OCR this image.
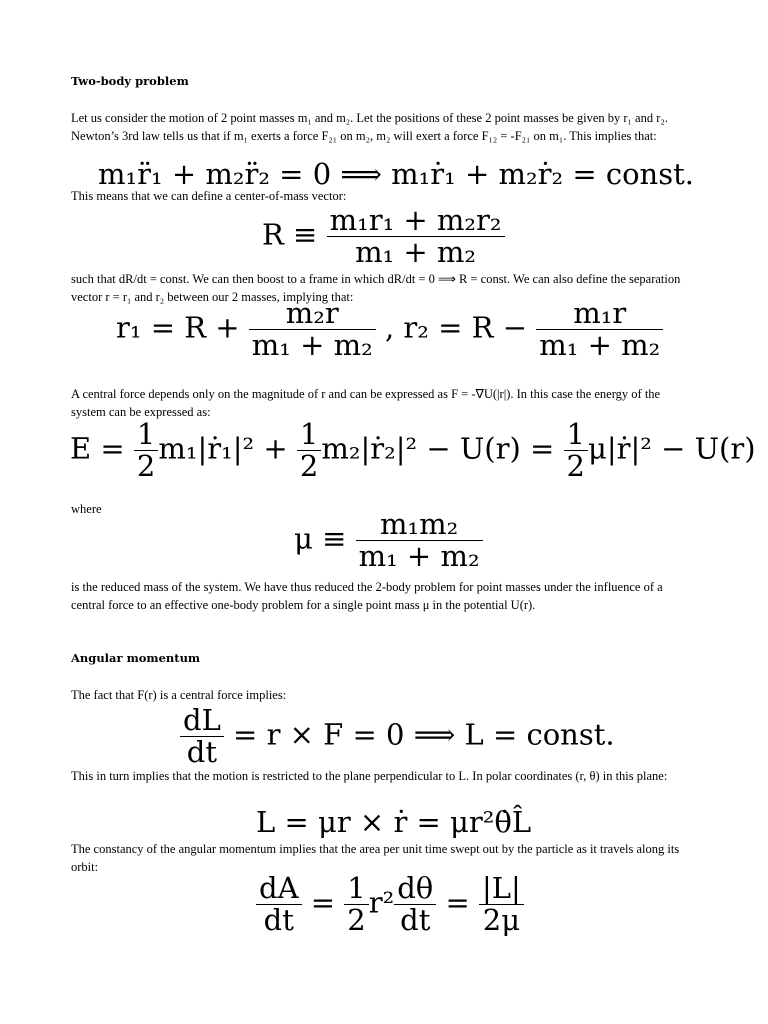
Two-body problem
Let us consider the motion of 2 point masses m₁ and m₂. Let the positions of these 2 point masses be given by r₁ and r₂. Newton’s 3rd law tells us that if m₁ exerts a force F₂₁ on m₂, m₂ will exert a force F₁₂ = -F₂₁ on m₁. This implies that:
m₁r̈₁ + m₂r̈₂ = 0 ⟹ m₁ṙ₁ + m₂ṙ₂ = const.
This means that we can define a center-of-mass vector:
$R \equiv \frac{\text{m₁r₁ + m₂r₂}}{\text{m₁ + m₂}}$
such that dR/dt = const. We can then boost to a frame in which dR/dt = 0 ⟹ R = const. We can also define the separation vector r = r₁ and r₂ between our 2 masses, implying that:
$r_1 = R + \frac{\text{m₂r}}{\text{m₁ + m₂}}$ , $r_2 = R - \frac{\text{m₁r}}{\text{m₁ + m₂}}$
A central force depends only on the magnitude of r and can be expressed as F = -∇U(|r|). In this case the energy of the system can be expressed as:
$E = \frac{1}{2}$ m₁|ṙ₁|² + $\frac{1}{2}$ m₂|ṙ₂|² − $U(r) = \frac{1}{2}$ μ|ṙ|² − U(r)
where
$\mu \equiv \frac{\text{m₁m₂}}{\text{m₁ + m₂}}$
is the reduced mass of the system. We have thus reduced the 2-body problem for point masses under the influence of a central force to an effective one-body problem for a single point mass μ in the potential U(r).
Angular momentum
The fact that F(r) is a central force implies:
$\frac{dL}{dt} = r \times F = 0$ ⟹ L = const.
This in turn implies that the motion is restricted to the plane perpendicular to L. In polar coordinates (r, θ) in this plane:
L = μr × ṙ = μr²θ̇L̂
The constancy of the angular momentum implies that the area per unit time swept out by the particle as it travels along its orbit:
$\frac{dA}{dt} = \frac{1}{2} r^2 \frac{d\theta}{dt} = \frac{|L|}{2\mu}$
